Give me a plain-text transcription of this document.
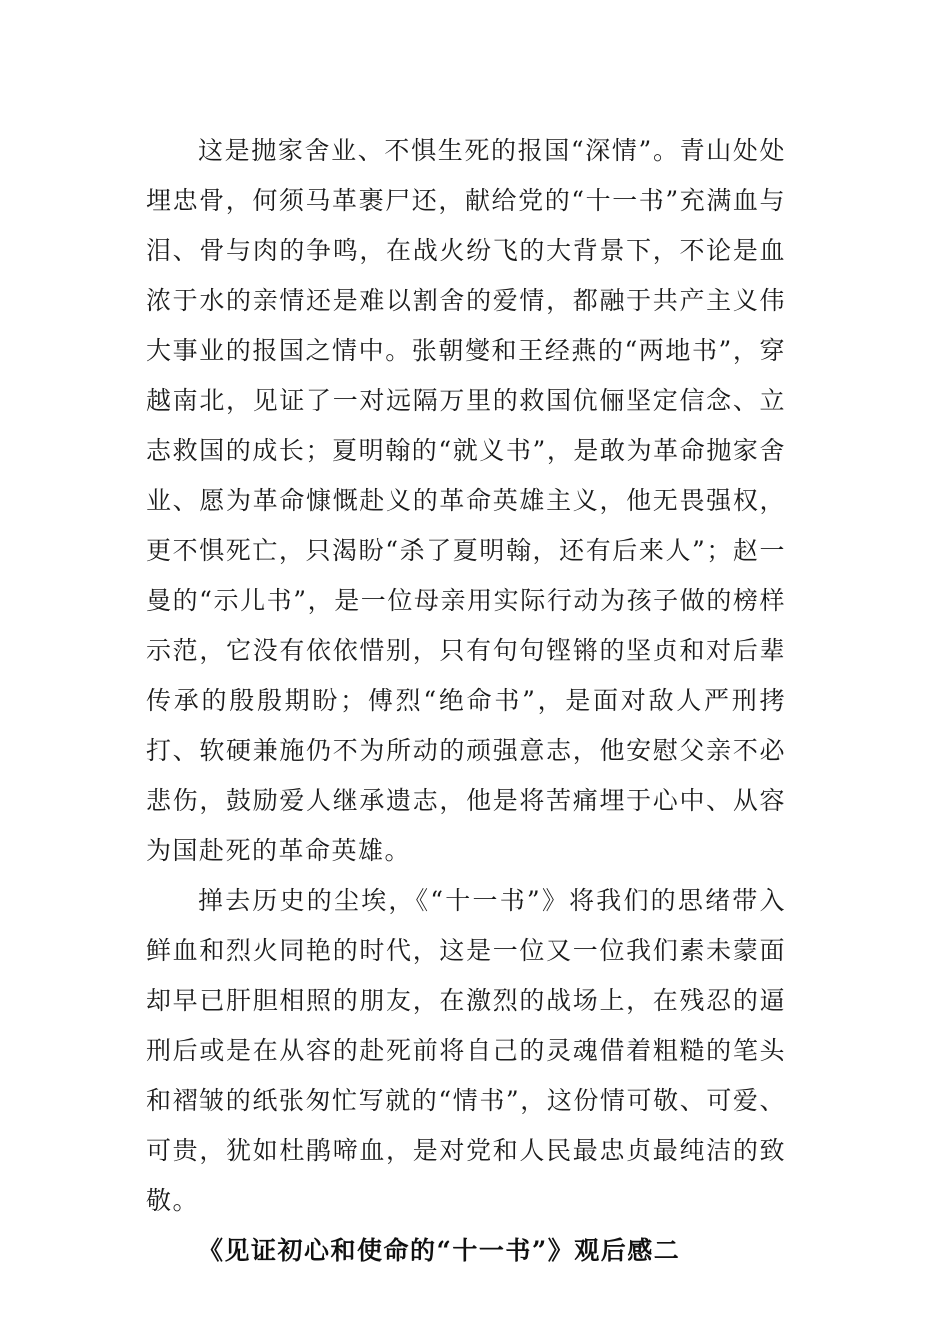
这是抛家舍业、不惧生死的报国“深情”。青山处处埋忠骨，何须马革裹尸还，献给党的“十一书”充满血与泪、骨与肉的争鸣，在战火纷飞的大背景下，不论是血浓于水的亲情还是难以割舍的爱情，都融于共产主义伟大事业的报国之情中。张朝燮和王经燕的“两地书”，穿越南北，见证了一对远隔万里的救国伉俪坚定信念、立志救国的成长；夏明翰的“就义书”，是敢为革命抛家舍业、愿为革命慷慨赴义的革命英雄主义，他无畏强权，更不惧死亡，只渴盼“杀了夏明翰，还有后来人”；赵一曼的“示儿书”，是一位母亲用实际行动为孩子做的榜样示范，它没有依依惜别，只有句句铿锵的坚贞和对后辈传承的殷殷期盼；傅烈“绝命书”，是面对敌人严刑拷打、软硬兼施仍不为所动的顽强意志，他安慰父亲不必悲伤，鼓励爱人继承遗志，他是将苦痛埋于心中、从容为国赴死的革命英雄。

掸去历史的尘埃，《“十一书”》将我们的思绪带入鲜血和烈火同艳的时代，这是一位又一位我们素未蒙面却早已肝胆相照的朋友，在激烈的战场上，在残忍的逼刑后或是在从容的赴死前将自己的灵魂借着粗糙的笔头和褶皱的纸张匆忙写就的“情书”，这份情可敬、可爱、可贵，犹如杜鹃啼血，是对党和人民最忠贞最纯洁的致敬。

《见证初心和使命的“十一书”》观后感二
